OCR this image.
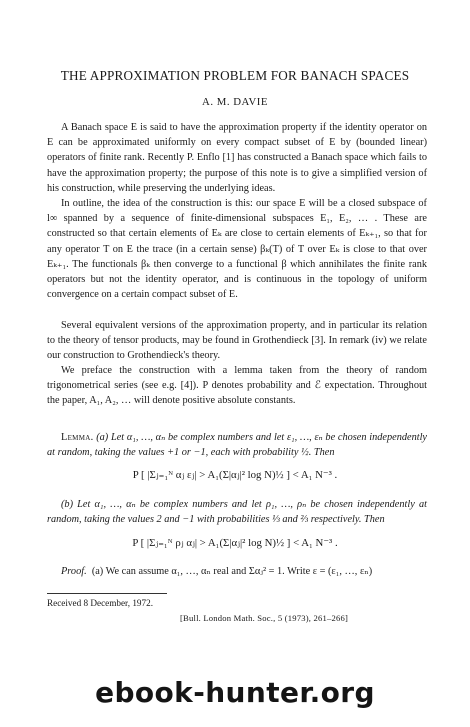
THE APPROXIMATION PROBLEM FOR BANACH SPACES
A. M. DAVIE

A Banach space E is said to have the approximation property if the identity operator on E can be approximated uniformly on every compact subset of E by (bounded linear) operators of finite rank. Recently P. Enflo [1] has constructed a Banach space which fails to have the approximation property; the purpose of this note is to give a simplified version of his construction, while preserving the underlying ideas.

In outline, the idea of the construction is this: our space E will be a closed subspace of l∞ spanned by a sequence of finite-dimensional subspaces E₁, E₂, … . These are constructed so that certain elements of Eₖ are close to certain elements of Eₖ₊₁, so that for any operator T on E the trace (in a certain sense) βₖ(T) of T over Eₖ is close to that over Eₖ₊₁. The functionals βₖ then converge to a functional β which annihilates the finite rank operators but not the identity operator, and is continuous in the topology of uniform convergence on a certain compact subset of E.

Several equivalent versions of the approximation property, and in particular its relation to the theory of tensor products, may be found in Grothendieck [3]. In remark (iv) we relate our construction to Grothendieck's theory.

We preface the construction with a lemma taken from the theory of random trigonometrical series (see e.g. [4]). P denotes probability and ℰ expectation. Throughout the paper, A₁, A₂, … will denote positive absolute constants.

Lemma. (a) Let α₁, …, αₙ be complex numbers and let ε₁, …, εₙ be chosen independently at random, taking the values +1 or −1, each with probability ½. Then

P [ |Σⱼ₌₁ᴺ αⱼ εⱼ| > A₁(Σ|αⱼ|² log N)½ ] < A₁ N⁻³ .

(b) Let α₁, …, αₙ be complex numbers and let ρ₁, …, ρₙ be chosen independently at random, taking the values 2 and −1 with probabilities ⅓ and ⅔ respectively. Then

P [ |Σⱼ₌₁ᴺ ρⱼ αⱼ| > A₁(Σ|αⱼ|² log N)½ ] < A₁ N⁻³ .
Proof. (a) We can assume α₁, …, αₙ real and Σαⱼ² = 1. Write ε = (ε₁, …, εₙ)
Received 8 December, 1972.
[Bull. London Math. Soc., 5 (1973), 261–266]
ebook-hunter.org
